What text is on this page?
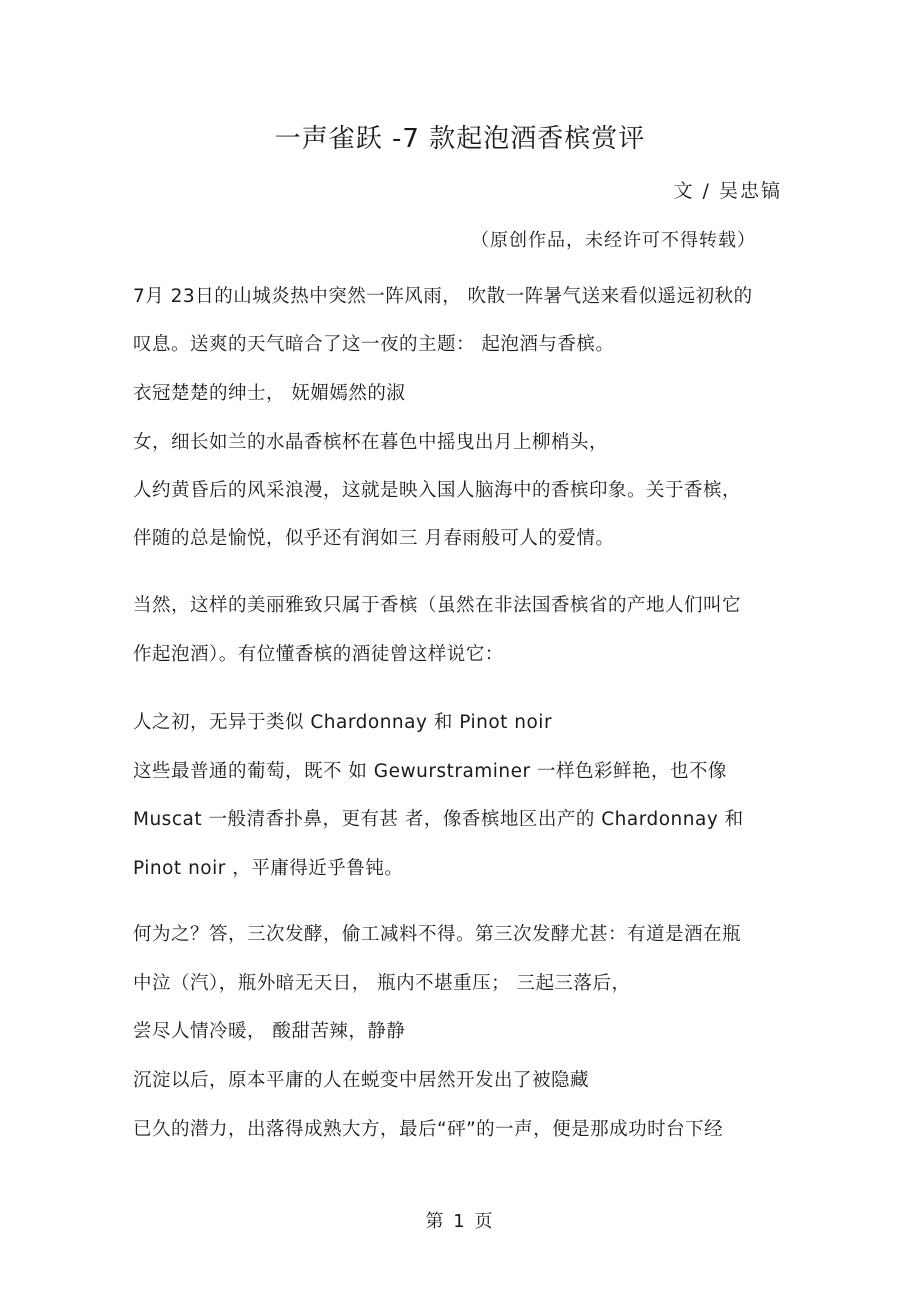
一声雀跃 -7 款起泡酒香槟赏评
文 / 吴忠镐
（原创作品，未经许可不得转载）
7月 23日的山城炎热中突然一阵风雨， 吹散一阵暑气送来看似遥远初秋的
叹息。送爽的天气暗合了这一夜的主题： 起泡酒与香槟。
衣冠楚楚的绅士， 妩媚嫣然的淑
女，细长如兰的水晶香槟杯在暮色中摇曳出月上柳梢头，
人约黄昏后的风采浪漫，这就是映入国人脑海中的香槟印象。关于香槟，
伴随的总是愉悦，似乎还有润如三 月春雨般可人的爱情。
当然，这样的美丽雅致只属于香槟（虽然在非法国香槟省的产地人们叫它
作起泡酒）。有位懂香槟的酒徒曾这样说它：
人之初，无异于类似 Chardonnay 和 Pinot noir
这些最普通的葡萄，既不 如 Gewurstraminer 一样色彩鲜艳，也不像
Muscat 一般清香扑鼻，更有甚 者，像香槟地区出产的 Chardonnay 和
Pinot noir ，平庸得近乎鲁钝。
何为之？答，三次发酵，偷工减料不得。第三次发酵尤甚：有道是酒在瓶
中泣（汽），瓶外暗无天日， 瓶内不堪重压； 三起三落后，
尝尽人情冷暖， 酸甜苦辣，静静
沉淀以后，原本平庸的人在蜕变中居然开发出了被隐藏
已久的潜力，出落得成熟大方，最后“砰”的一声，便是那成功时台下经
第 1 页
